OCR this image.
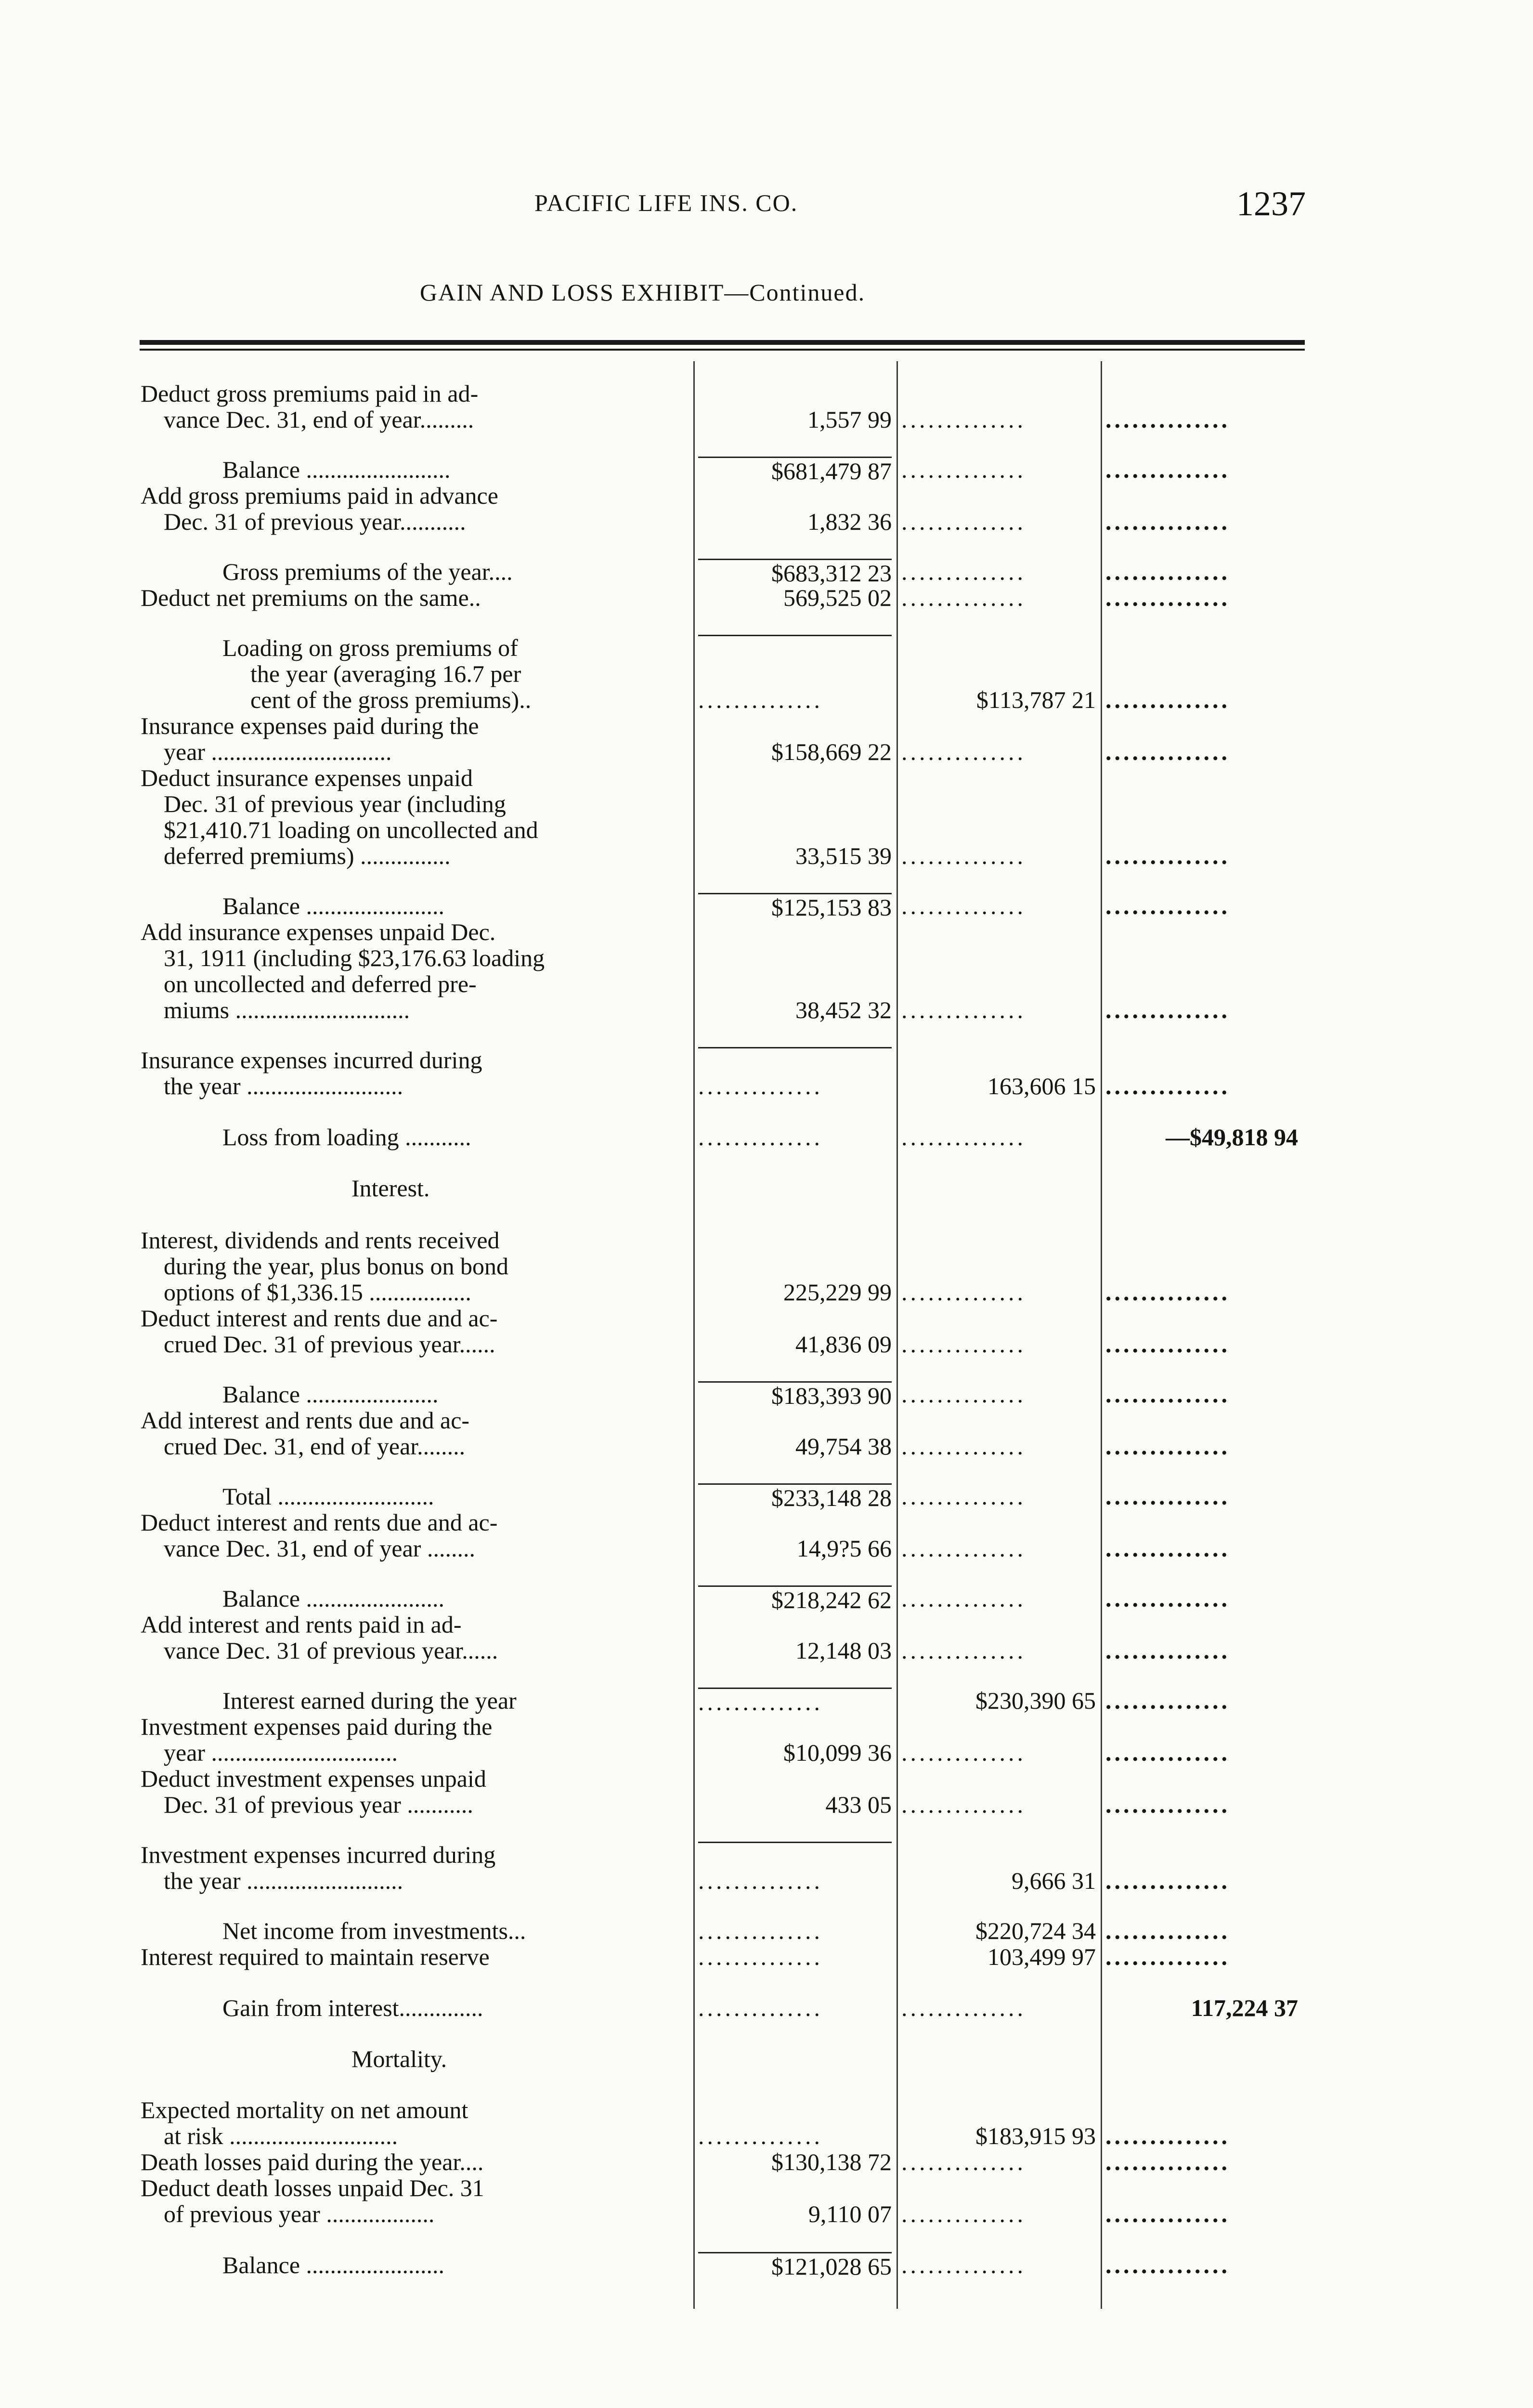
PACIFIC LIFE INS. CO.	1237
GAIN AND LOSS EXHIBIT—Continued.
Deduct gross premiums paid in ad-
vance Dec. 31, end of year.........	1,557 99 ..............	..............
Balance ........................	$681,479 87 ..............	..............
Add gross premiums paid in advance
Dec. 31 of previous year...........	1,832 36 ..............	..............
Gross premiums of the year....	$683,312 23 ..............	..............
Deduct net premiums on the same..	569,525 02 ..............	..............
Loading on gross premiums of
the year (averaging 16.7 per
cent of the gross premiums)..	..............	$113,787 21 ..............
Insurance expenses paid during the
year ..............................	$158,669 22 ..............	..............
Deduct insurance expenses unpaid
Dec. 31 of previous year (including
$21,410.71 loading on uncollected and
deferred premiums) ...............	33,515 39 ..............	..............
Balance .......................	$125,153 83 ..............	..............
Add insurance expenses unpaid Dec.
31, 1911 (including $23,176.63 loading
on uncollected and deferred pre-
miums .............................	38,452 32 ..............	..............
Insurance expenses incurred during
the year ..........................	..............	163,606 15 ..............
Loss from loading ...........	..............	..............	—$49,818 94
Interest.
Interest, dividends and rents received
during the year, plus bonus on bond
options of $1,336.15 .................	225,229 99 ..............	..............
Deduct interest and rents due and ac-
crued Dec. 31 of previous year......	41,836 09 ..............	..............
Balance ......................	$183,393 90 ..............	..............
Add interest and rents due and ac-
crued Dec. 31, end of year........	49,754 38 ..............	..............
Total ..........................	$233,148 28 ..............	..............
Deduct interest and rents due and ac-
vance Dec. 31, end of year ........	14,9?5 66 ..............	..............
Balance .......................	$218,242 62 ..............	..............
Add interest and rents paid in ad-
vance Dec. 31 of previous year......	12,148 03 ..............	..............
Interest earned during the year	..............	$230,390 65 ..............
Investment expenses paid during the
year ...............................	$10,099 36 ..............	..............
Deduct investment expenses unpaid
Dec. 31 of previous year ...........	433 05 ..............	..............
Investment expenses incurred during
the year ..........................	..............	9,666 31 ..............
Net income from investments...	..............	$220,724 34 ..............
Interest required to maintain reserve	..............	103,499 97 ..............
Gain from interest..............	..............	..............	117,224 37
Mortality.
Expected mortality on net amount
at risk ............................	..............	$183,915 93 ..............
Death losses paid during the year....	$130,138 72 ..............	..............
Deduct death losses unpaid Dec. 31
of previous year ..................	9,110 07 ..............	..............
Balance .......................	$121,028 65 ..............	..............
